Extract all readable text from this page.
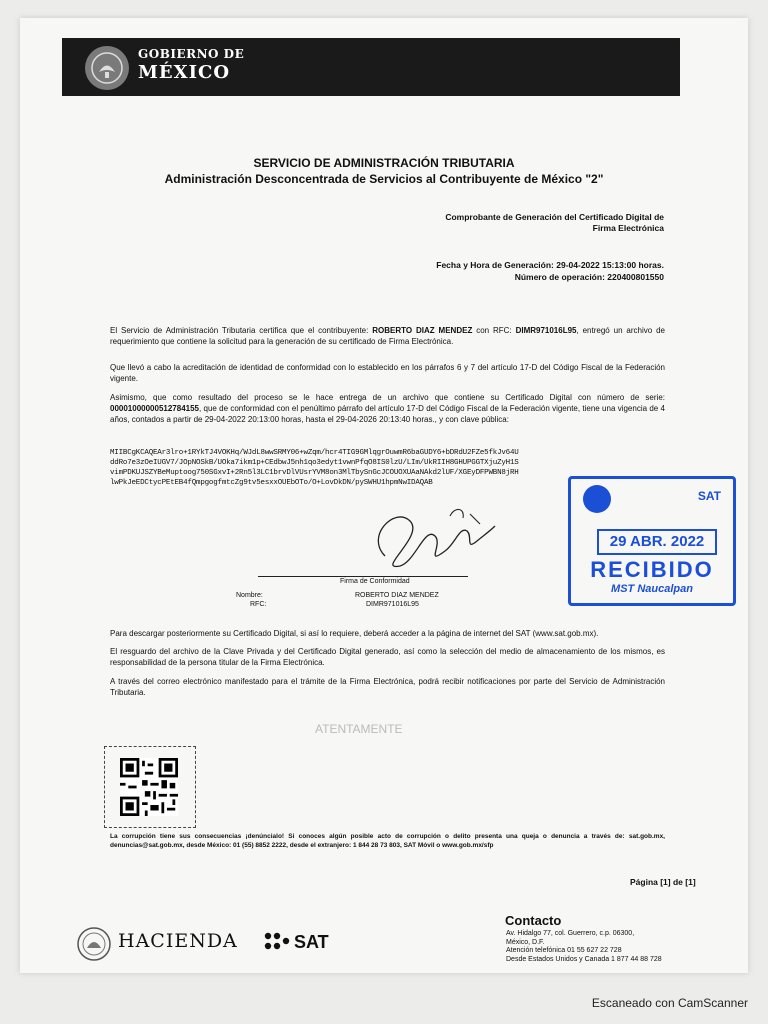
GOBIERNO DE
MÉXICO
SERVICIO DE ADMINISTRACIÓN TRIBUTARIA
Administración Desconcentrada de Servicios al Contribuyente de México "2"
Comprobante de Generación del Certificado Digital de
Firma Electrónica
Fecha y Hora de Generación: 29-04-2022 15:13:00 horas.
Número de operación: 220400801550
El Servicio de Administración Tributaria certifica que el contribuyente: ROBERTO DIAZ MENDEZ con RFC: DIMR971016L95, entregó un archivo de requerimiento que contiene la solicitud para la generación de su certificado de Firma Electrónica.
Que llevó a cabo la acreditación de identidad de conformidad con lo establecido en los párrafos 6 y 7 del artículo 17-D del Código Fiscal de la Federación vigente.
Asimismo, que como resultado del proceso se le hace entrega de un archivo que contiene su Certificado Digital con número de serie: 00001000000512784155, que de conformidad con el penúltimo párrafo del artículo 17-D del Código Fiscal de la Federación vigente, tiene una vigencia de 4 años, contados a partir de 29-04-2022 20:13:00 horas, hasta el 29-04-2026 20:13:40 horas., y con clave pública:
MIIBCgKCAQEAr3lro+1RYkTJ4VOKHq/WJdL8wwSRMY06+wZqm/hcr4TIG9GMlqgrOuwmR6baGUDY6+bDRdU2FZe5fkJv64U
ddRo7e3zOeIUGV7/JOpNOSkB/UOka7ikm1p+CEdbwJ5nh1qo3edyt1vwnPfqO8IS0lzU/LIm/UkRIIH8GHUPGGTXjuZyH1S
vimPDKUJSZYBeMuptoog750SGxvI+2Rn5l3LC1brvDlVUsrYVM8on3MlTbySnGcJCOUOXUAaNAkd2lUF/XGEyDFPWBN8jRH
lwPkJeEDCtycPEtEB4fQmpgogfmtcZg9tv5esxxOUEbOTo/O+LovDkDN/pySWHU1hpmNwIDAQAB
Firma de Conformidad
Nombre:
RFC:
ROBERTO DIAZ MENDEZ
DIMR971016L95
SAT
29 ABR. 2022
RECIBIDO
MST Naucalpan
Para descargar posteriormente su Certificado Digital, si así lo requiere, deberá acceder a la página de internet del SAT (www.sat.gob.mx).
El resguardo del archivo de la Clave Privada y del Certificado Digital generado, así como la selección del medio de almacenamiento de los mismos, es responsabilidad de la persona titular de la Firma Electrónica.
A través del correo electrónico manifestado para el trámite de la Firma Electrónica, podrá recibir notificaciones por parte del Servicio de Administración Tributaria.
ATENTAMENTE
La corrupción tiene sus consecuencias ¡denúncialo! Si conoces algún posible acto de corrupción o delito presenta una queja o denuncia a través de: sat.gob.mx, denuncias@sat.gob.mx, desde México: 01 (55) 8852 2222, desde el extranjero: 1 844 28 73 803, SAT Móvil o www.gob.mx/sfp
Página [1] de [1]
HACIENDA	SAT
Contacto
Av. Hidalgo 77, col. Guerrero, c.p. 06300,
México, D.F.
Atención telefónica 01 55 627 22 728
Desde Estados Unidos y Canada 1 877 44 88 728
Escaneado con CamScanner
